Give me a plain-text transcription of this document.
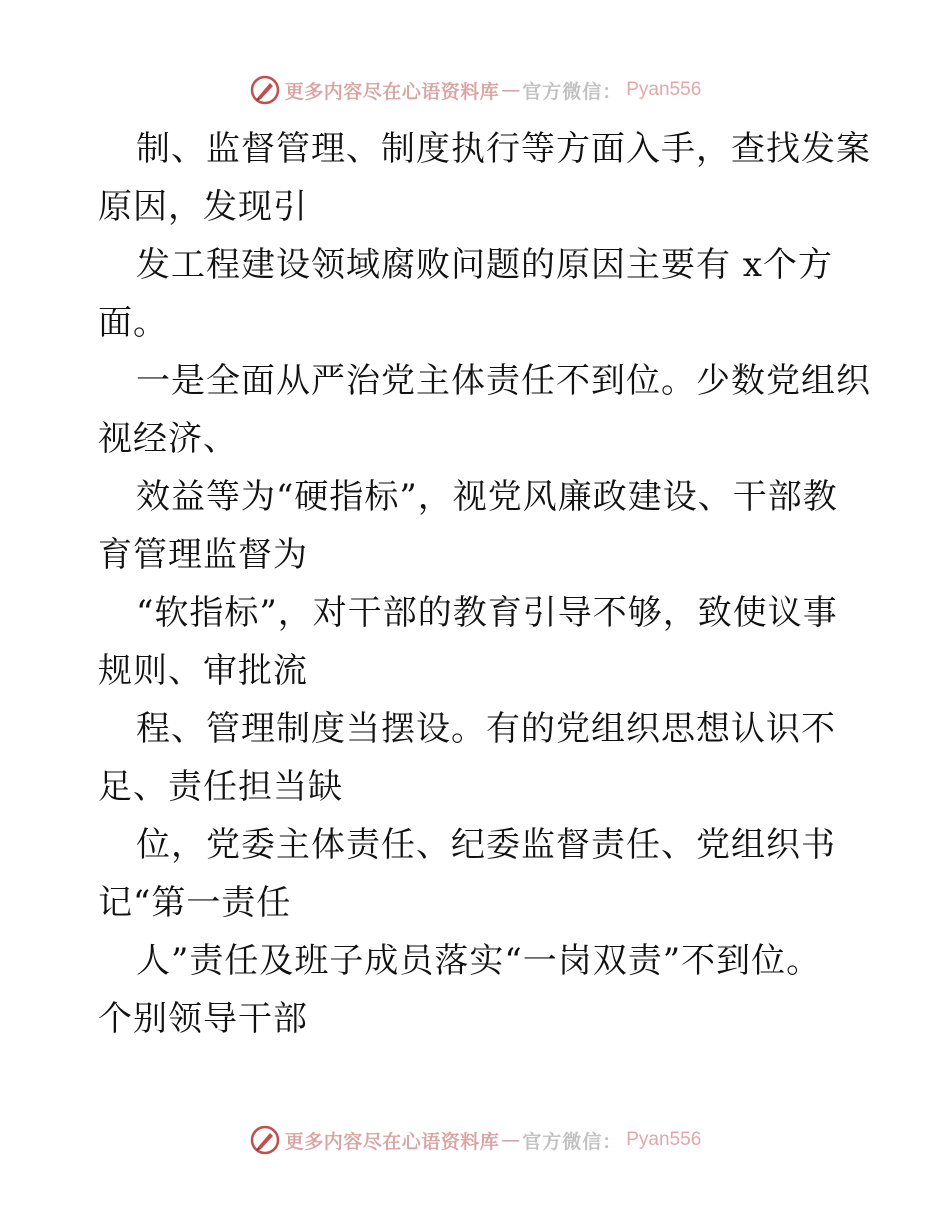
更多内容尽在心语资料库 — 官方微信： Pyan556
制、监督管理、制度执行等方面入手，查找发案
原因，发现引
发工程建设领域腐败问题的原因主要有 x个方
面。
一是全面从严治党主体责任不到位。少数党组织
视经济、
效益等为“硬指标”，视党风廉政建设、干部教
育管理监督为
“软指标”，对干部的教育引导不够，致使议事
规则、审批流
程、管理制度当摆设。有的党组织思想认识不
足、责任担当缺
位，党委主体责任、纪委监督责任、党组织书
记“第一责任
人”责任及班子成员落实“一岗双责”不到位。
个别领导干部
更多内容尽在心语资料库 — 官方微信： Pyan556
